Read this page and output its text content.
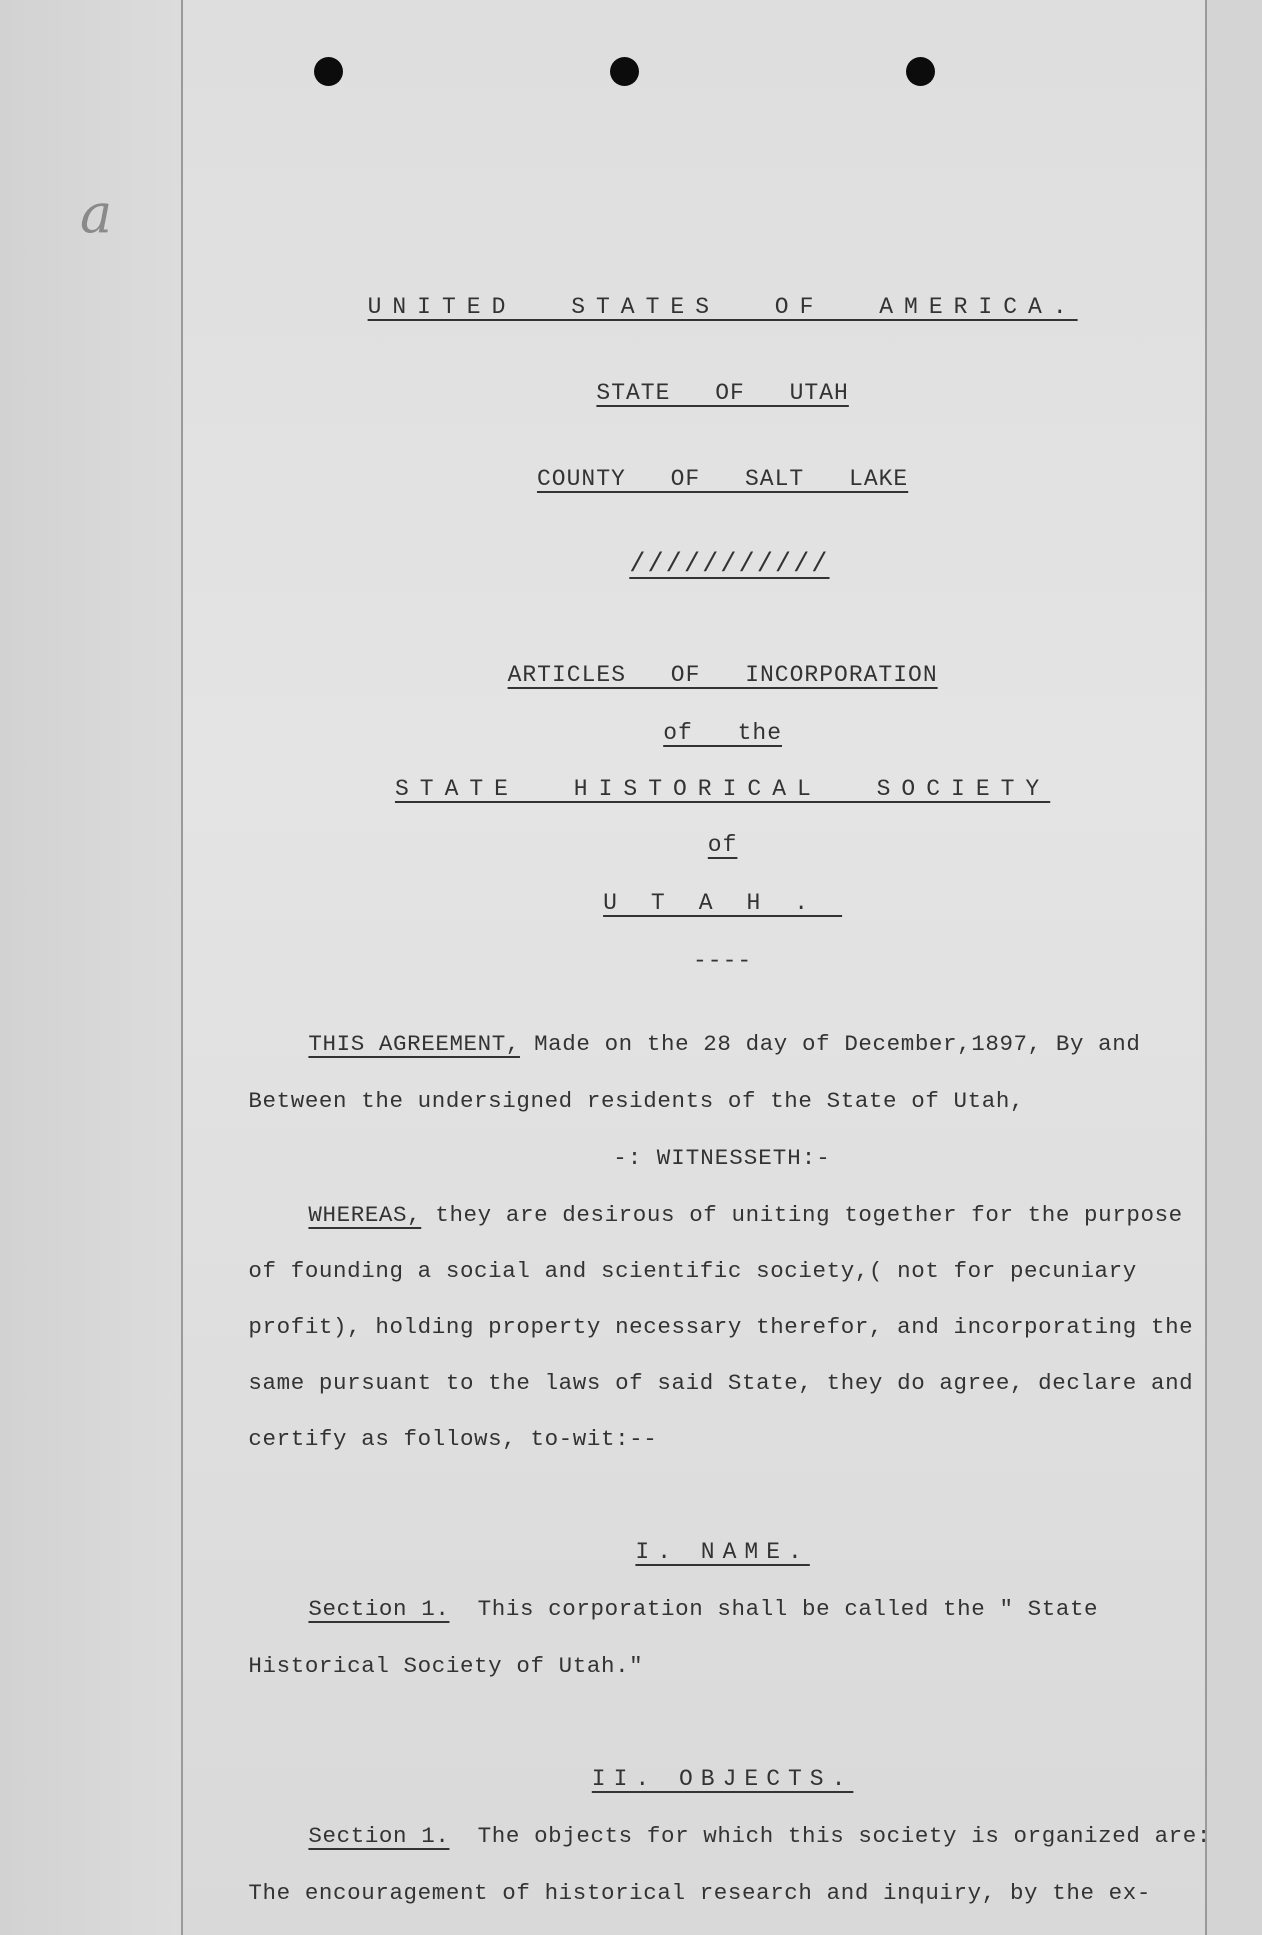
a

UNITED STATES OF AMERICA.

STATE OF UTAH

COUNTY OF SALT LAKE

///////////

ARTICLES OF INCORPORATION

of the

STATE HISTORICAL SOCIETY

of

UTAH.

----

THIS AGREEMENT, Made on the 28 day of December,1897, By and

Between the undersigned residents of the State of Utah,

-: WITNESSETH:-

WHEREAS, they are desirous of uniting together for the purpose

of founding a social and scientific society,( not for pecuniary

profit), holding property necessary therefor, and incorporating the

same pursuant to the laws of said State, they do agree, declare and

certify as follows, to-wit:--

I. NAME.

Section 1.  This corporation shall be called the " State

Historical Society of Utah."

II. OBJECTS.

Section 1.  The objects for which this society is organized are:

The encouragement of historical research and inquiry, by the ex-
